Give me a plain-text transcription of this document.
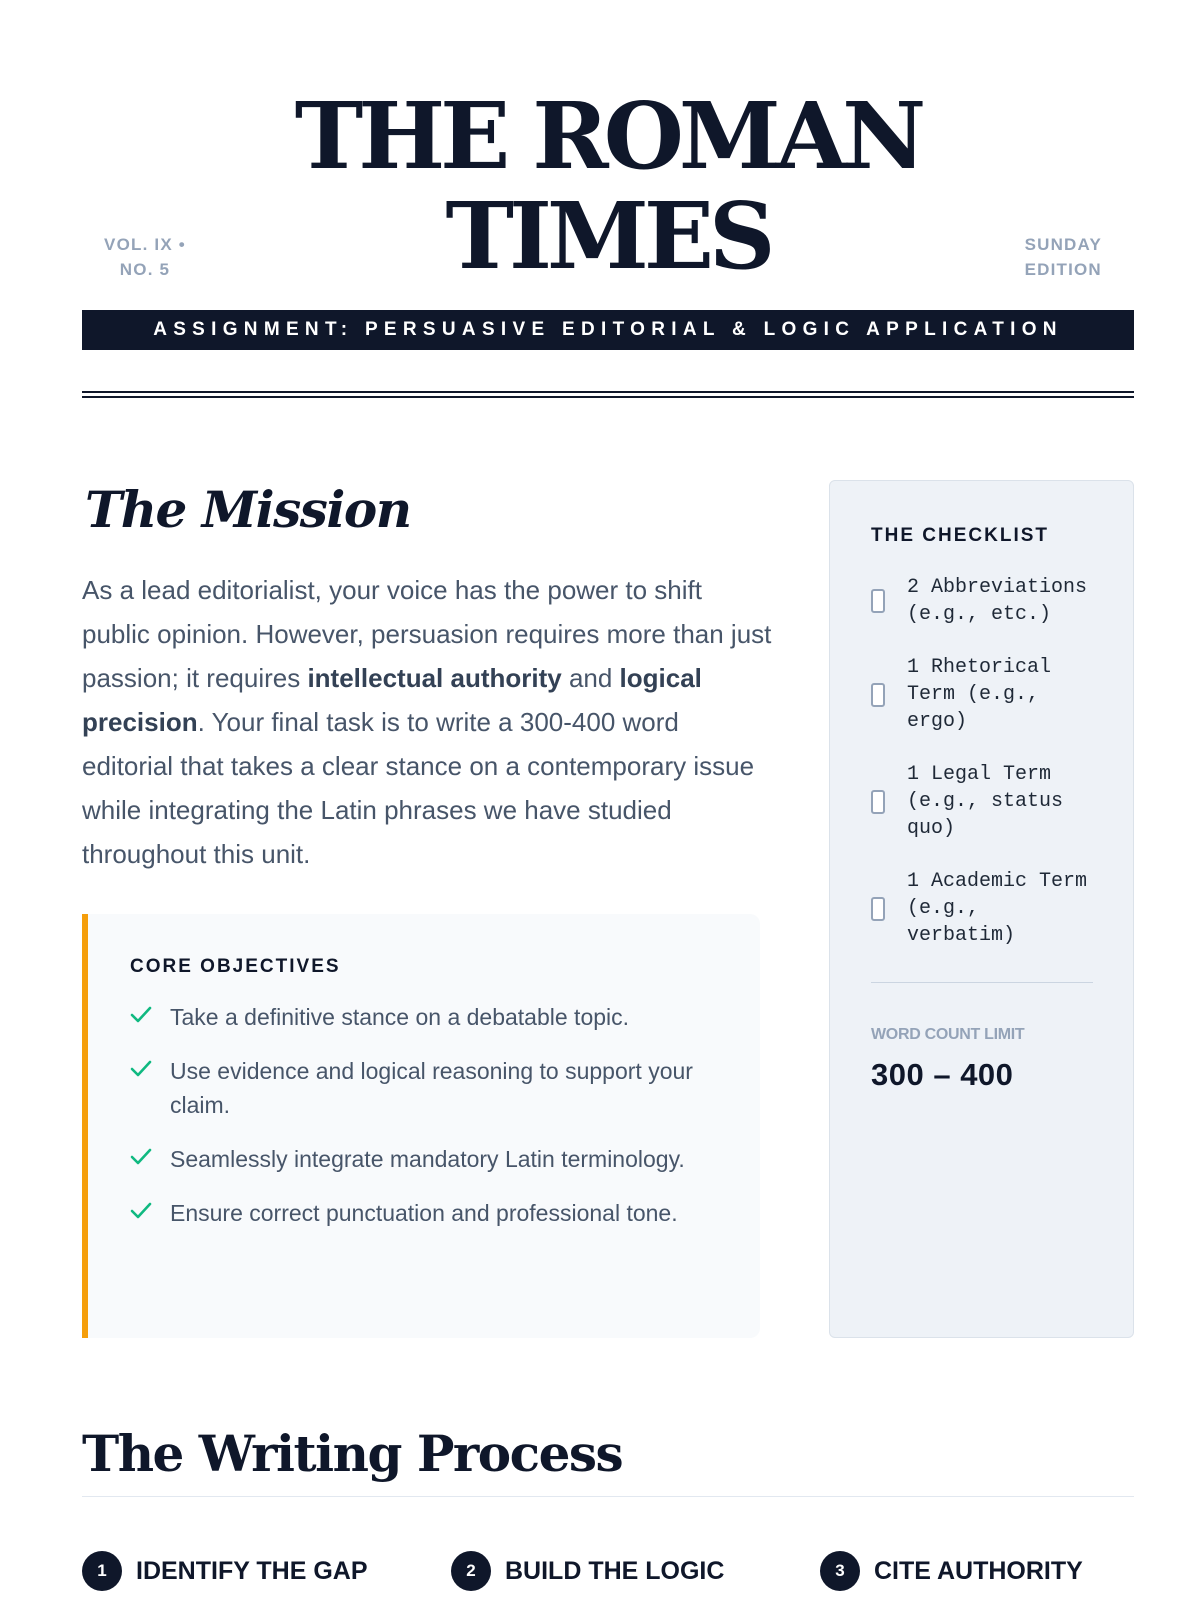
THE ROMAN
TIMES
VOL. IX •
NO. 5
SUNDAY
EDITION
ASSIGNMENT: PERSUASIVE EDITORIAL & LOGIC APPLICATION
The Mission

As a lead editorialist, your voice has the power to shift public opinion. However, persuasion requires more than just passion; it requires intellectual authority and logical precision. Your final task is to write a 300-400 word editorial that takes a clear stance on a contemporary issue while integrating the Latin phrases we have studied throughout this unit.

CORE OBJECTIVES
Take a definitive stance on a debatable topic.
Use evidence and logical reasoning to support your claim.
Seamlessly integrate mandatory Latin terminology.
Ensure correct punctuation and professional tone.
THE CHECKLIST
2 Abbreviations
(e.g., etc.)
1 Rhetorical
Term (e.g.,
ergo)
1 Legal Term
(e.g., status
quo)
1 Academic Term
(e.g.,
verbatim)
WORD COUNT LIMIT
300 – 400
The Writing Process
1	IDENTIFY THE GAP	2	BUILD THE LOGIC	3	CITE AUTHORITY
